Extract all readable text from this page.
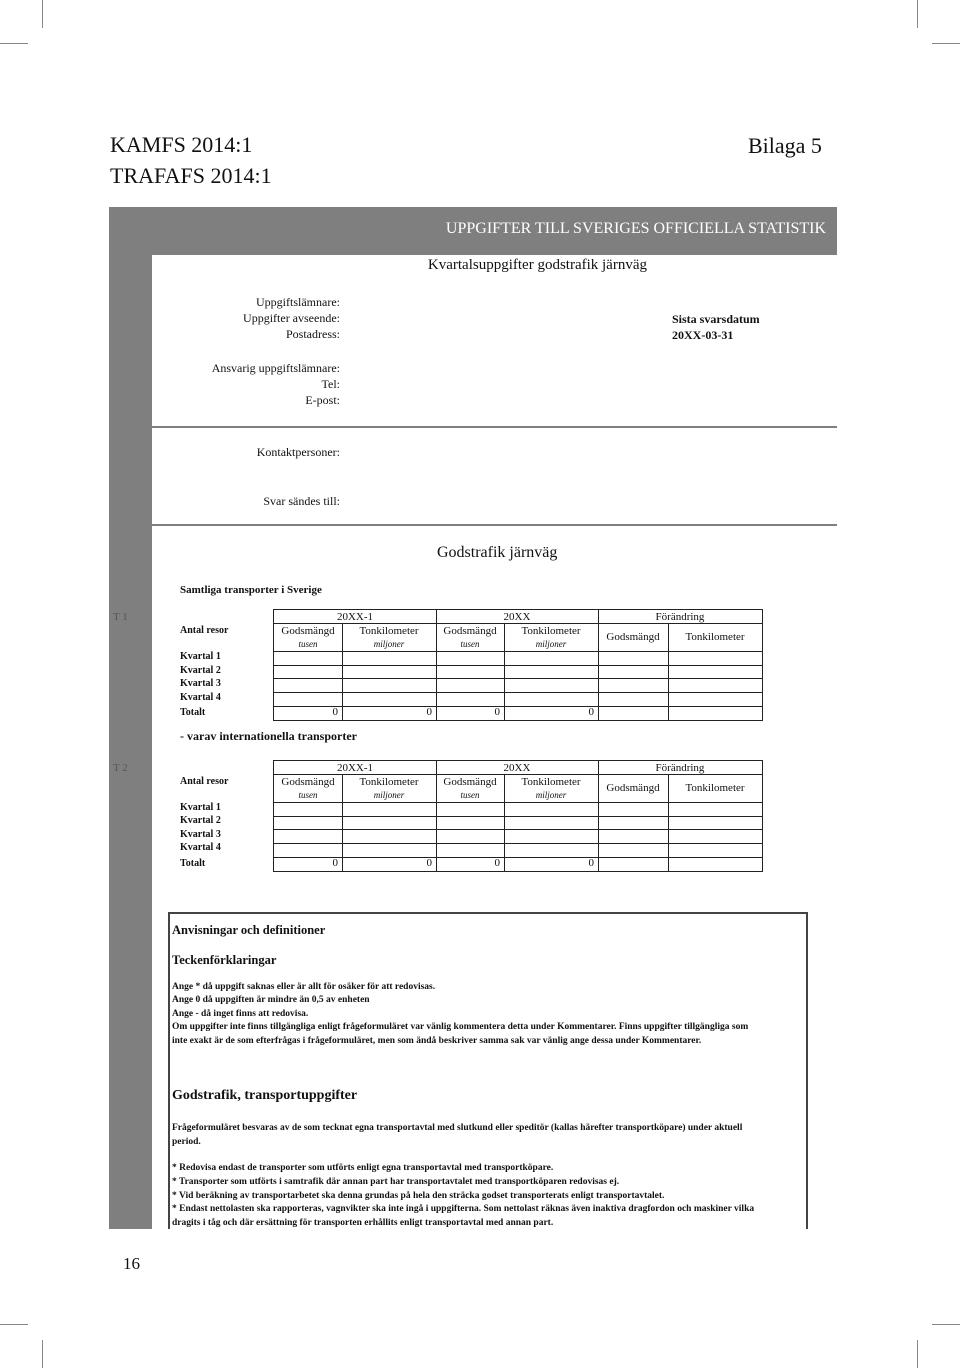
KAMFS 2014:1
TRAFAFS 2014:1
Bilaga 5
UPPGIFTER TILL SVERIGES OFFICIELLA STATISTIK
Kvartalsuppgifter godstrafik järnväg
Uppgiftslämnare:
Uppgifter avseende:
Postadress:
Sista svarsdatum
20XX-03-31
Ansvarig uppgiftslämnare:
Tel:
E-post:
Kontaktpersoner:
Svar sändes till:
Godstrafik järnväg
Samtliga transporter i Sverige
T 1
Antal resor
20XX-1	20XX	Förändring
Godsmängd	Tonkilometer	Godsmängd	Tonkilometer	Godsmängd	Tonkilometer
tusen	miljoner	tusen	miljoner
Kvartal 1
Kvartal 2
Kvartal 3
Kvartal 4
Totalt	0	0	0	0
- varav internationella transporter
T 2
Antal resor
20XX-1	20XX	Förändring
Godsmängd	Tonkilometer	Godsmängd	Tonkilometer	Godsmängd	Tonkilometer
tusen	miljoner	tusen	miljoner
Kvartal 1
Kvartal 2
Kvartal 3
Kvartal 4
Totalt	0	0	0	0
Anvisningar och definitioner
Teckenförklaringar
Ange * då uppgift saknas eller är allt för osäker för att redovisas.
Ange 0 då uppgiften är mindre än 0,5 av enheten
Ange - då inget finns att redovisa.
Om uppgifter inte finns tillgängliga enligt frågeformuläret var vänlig kommentera detta under Kommentarer. Finns uppgifter tillgängliga som inte exakt är de som efterfrågas i frågeformuläret, men som ändå beskriver samma sak var vänlig ange dessa under Kommentarer.
Godstrafik, transportuppgifter
Frågeformuläret besvaras av de som tecknat egna transportavtal med slutkund eller speditör (kallas härefter transportköpare) under aktuell period.
* Redovisa endast de transporter som utförts enligt egna transportavtal med transportköpare.
* Transporter som utförts i samtrafik där annan part har transportavtalet med transportköparen redovisas ej.
* Vid beräkning av transportarbetet ska denna grundas på hela den sträcka godset transporterats enligt transportavtalet.
* Endast nettolasten ska rapporteras, vagnvikter ska inte ingå i uppgifterna. Som nettolast räknas även inaktiva dragfordon och maskiner vilka dragits i tåg och där ersättning för transporten erhållits enligt transportavtal med annan part.
16
